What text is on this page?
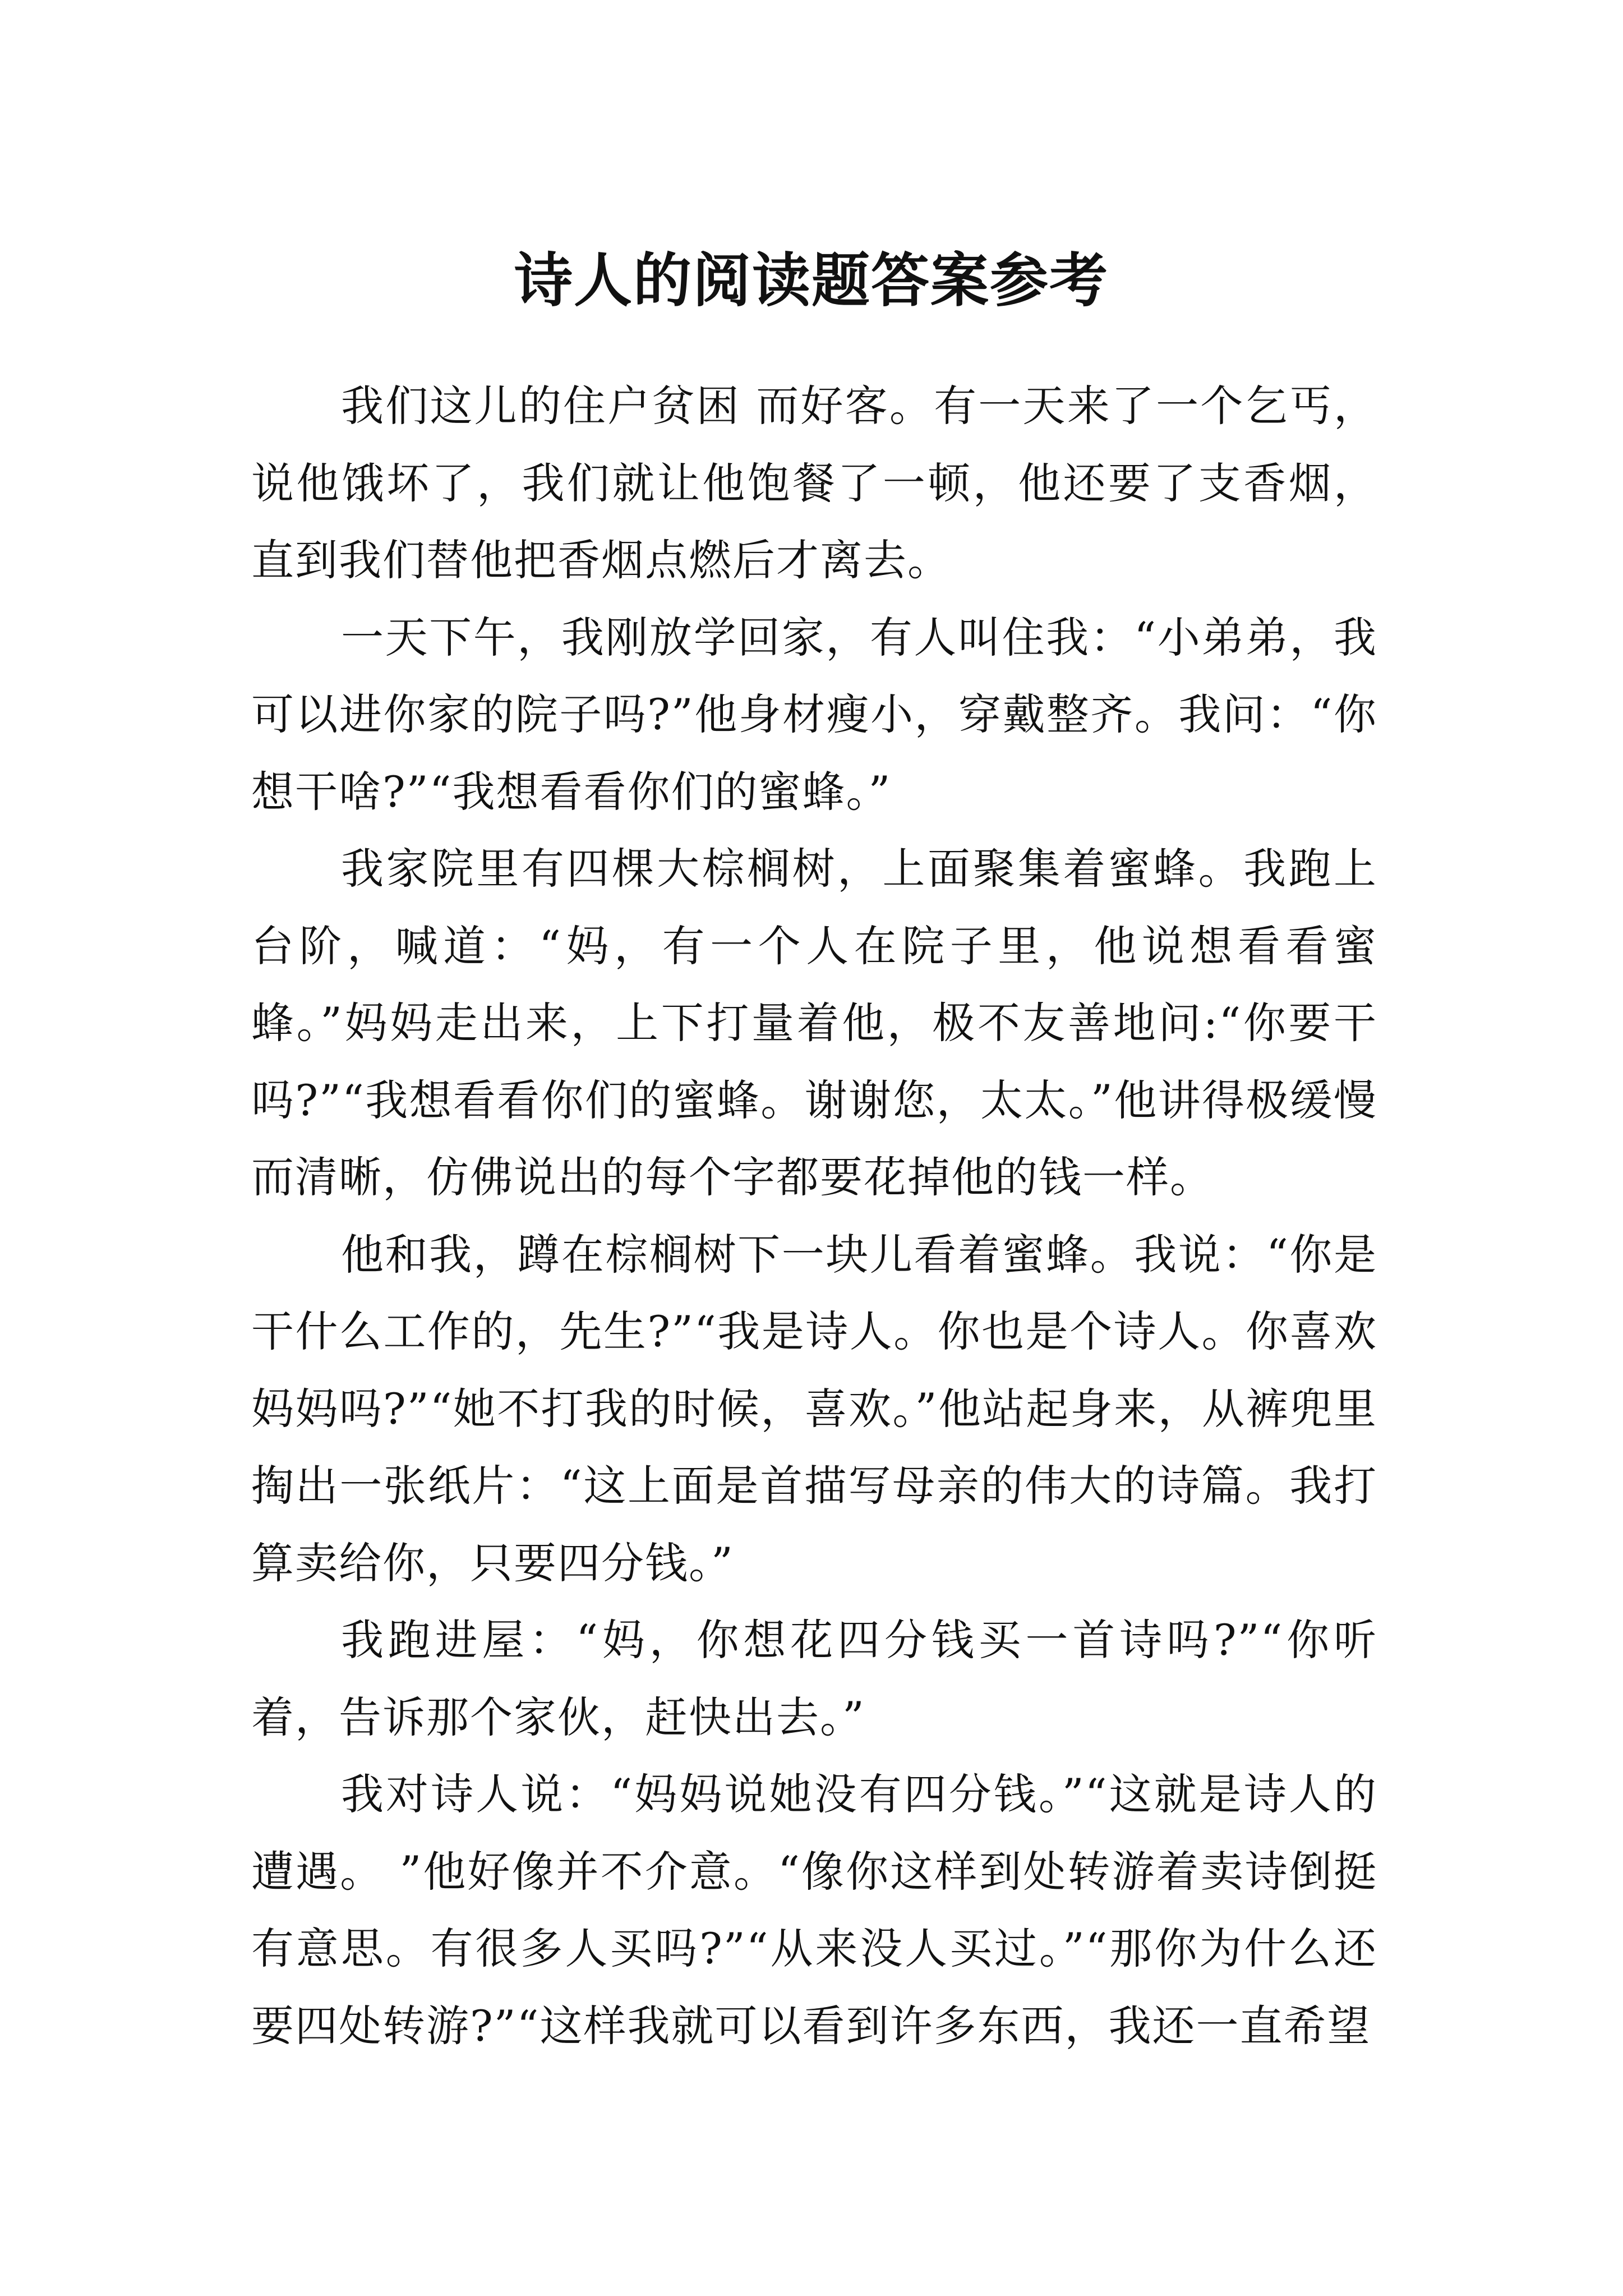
诗人的阅读题答案参考

我们这儿的住户贫困 而好客。有一天来了一个乞丐，说他饿坏了，我们就让他饱餐了一顿，他还要了支香烟，直到我们替他把香烟点燃后才离去。

一天下午，我刚放学回家，有人叫住我：“小弟弟，我可以进你家的院子吗?”他身材瘦小，穿戴整齐。我问：“你想干啥?”“我想看看你们的蜜蜂。”

我家院里有四棵大棕榈树，上面聚集着蜜蜂。我跑上台阶，喊道：“妈，有一个人在院子里，他说想看看蜜蜂。”妈妈走出来，上下打量着他，极不友善地问:“你要干吗?”“我想看看你们的蜜蜂。谢谢您，太太。”他讲得极缓慢而清晰，仿佛说出的每个字都要花掉他的钱一样。

他和我，蹲在棕榈树下一块儿看着蜜蜂。我说：“你是干什么工作的，先生?”“我是诗人。你也是个诗人。你喜欢妈妈吗?”“她不打我的时候，喜欢。”他站起身来，从裤兜里掏出一张纸片：“这上面是首描写母亲的伟大的诗篇。我打算卖给你，只要四分钱。”

我跑进屋：“妈，你想花四分钱买一首诗吗?”“你听着，告诉那个家伙，赶快出去。”

我对诗人说：“妈妈说她没有四分钱。”“这就是诗人的遭遇。 ”他好像并不介意。“像你这样到处转游着卖诗倒挺有意思。有很多人买吗?”“从来没人买过。”“那你为什么还要四处转游?”“这样我就可以看到许多东西，我还一直希望
